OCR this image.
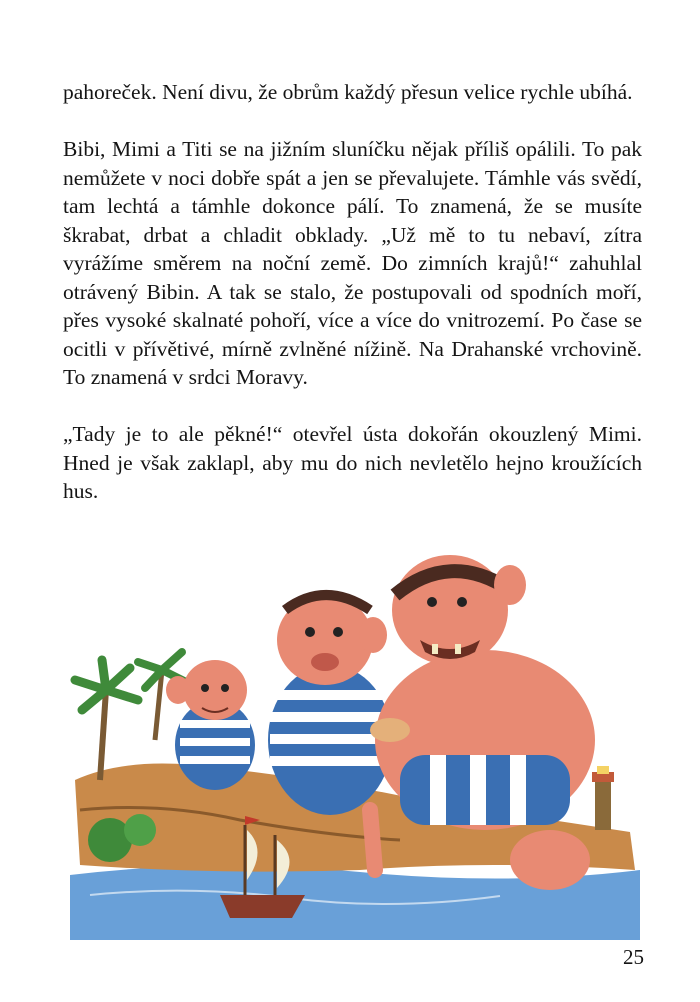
pahoreček. Není divu, že obrům každý přesun velice rychle ubíhá.

Bibi, Mimi a Titi se na jižním sluníčku nějak příliš opálili. To pak nemůžete v noci dobře spát a jen se převalujete. Támhle vás svědí, tam lechtá a támhle dokonce pálí. To znamená, že se musíte škrabat, drbat a chladit obklady. „Už mě to tu nebaví, zítra vyrážíme směrem na noční země. Do zimních krajů!“ zahuhlal otrávený Bibin. A tak se stalo, že postupovali od spodních moří, přes vysoké skalnaté pohoří, více a více do vnitrozemí. Po čase se ocitli v přívětivé, mírně zvlněné nížině. Na Drahanské vrchovině. To znamená v srdci Moravy.

„Tady je to ale pěkné!“ otevřel ústa dokořán okouzlený Mimi. Hned je však zaklapl, aby mu do nich nevletělo hejno kroužících hus.

25
